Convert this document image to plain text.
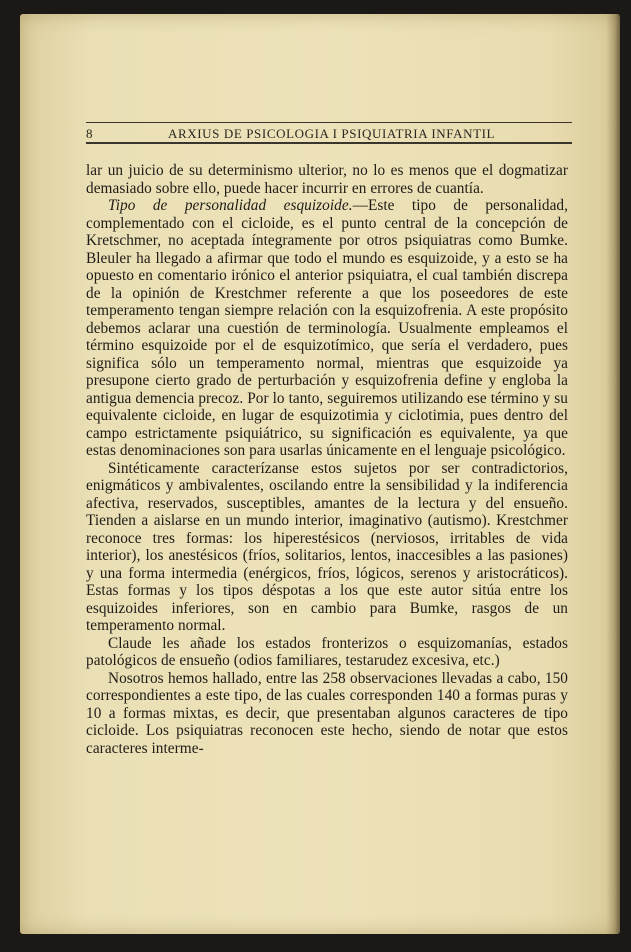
8	ARXIUS DE PSICOLOGIA I PSIQUIATRIA INFANTIL

lar un juicio de su determinismo ulterior, no lo es menos que el dogmatizar demasiado sobre ello, puede hacer incurrir en errores de cuantía.

Tipo de personalidad esquizoide.—Este tipo de personalidad, complementado con el cicloide, es el punto central de la concepción de Kretschmer, no aceptada íntegramente por otros psiquiatras como Bumke. Bleuler ha llegado a afirmar que todo el mundo es esquizoide, y a esto se ha opuesto en comentario irónico el anterior psiquiatra, el cual también discrepa de la opinión de Krestchmer referente a que los poseedores de este temperamento tengan siempre relación con la esquizofrenia. A este propósito debemos aclarar una cuestión de terminología. Usualmente empleamos el término esquizoide por el de esquizotímico, que sería el verdadero, pues significa sólo un temperamento normal, mientras que esquizoide ya presupone cierto grado de perturbación y esquizofrenia define y engloba la antigua demencia precoz. Por lo tanto, seguiremos utilizando ese término y su equivalente cicloide, en lugar de esquizotimia y ciclotimia, pues dentro del campo estrictamente psiquiátrico, su significación es equivalente, ya que estas denominaciones son para usarlas únicamente en el lenguaje psicológico.

Sintéticamente caracterízanse estos sujetos por ser contradictorios, enigmáticos y ambivalentes, oscilando entre la sensibilidad y la indiferencia afectiva, reservados, susceptibles, amantes de la lectura y del ensueño. Tienden a aislarse en un mundo interior, imaginativo (autismo). Krestchmer reconoce tres formas: los hiperestésicos (nerviosos, irritables de vida interior), los anestésicos (fríos, solitarios, lentos, inaccesibles a las pasiones) y una forma intermedia (enérgicos, fríos, lógicos, serenos y aristocráticos). Estas formas y los tipos déspotas a los que este autor sitúa entre los esquizoides inferiores, son en cambio para Bumke, rasgos de un temperamento normal.

Claude les añade los estados fronterizos o esquizomanías, estados patológicos de ensueño (odios familiares, testarudez excesiva, etc.)

Nosotros hemos hallado, entre las 258 observaciones llevadas a cabo, 150 correspondientes a este tipo, de las cuales corresponden 140 a formas puras y 10 a formas mixtas, es decir, que presentaban algunos caracteres de tipo cicloide. Los psiquiatras reconocen este hecho, siendo de notar que estos caracteres interme-
